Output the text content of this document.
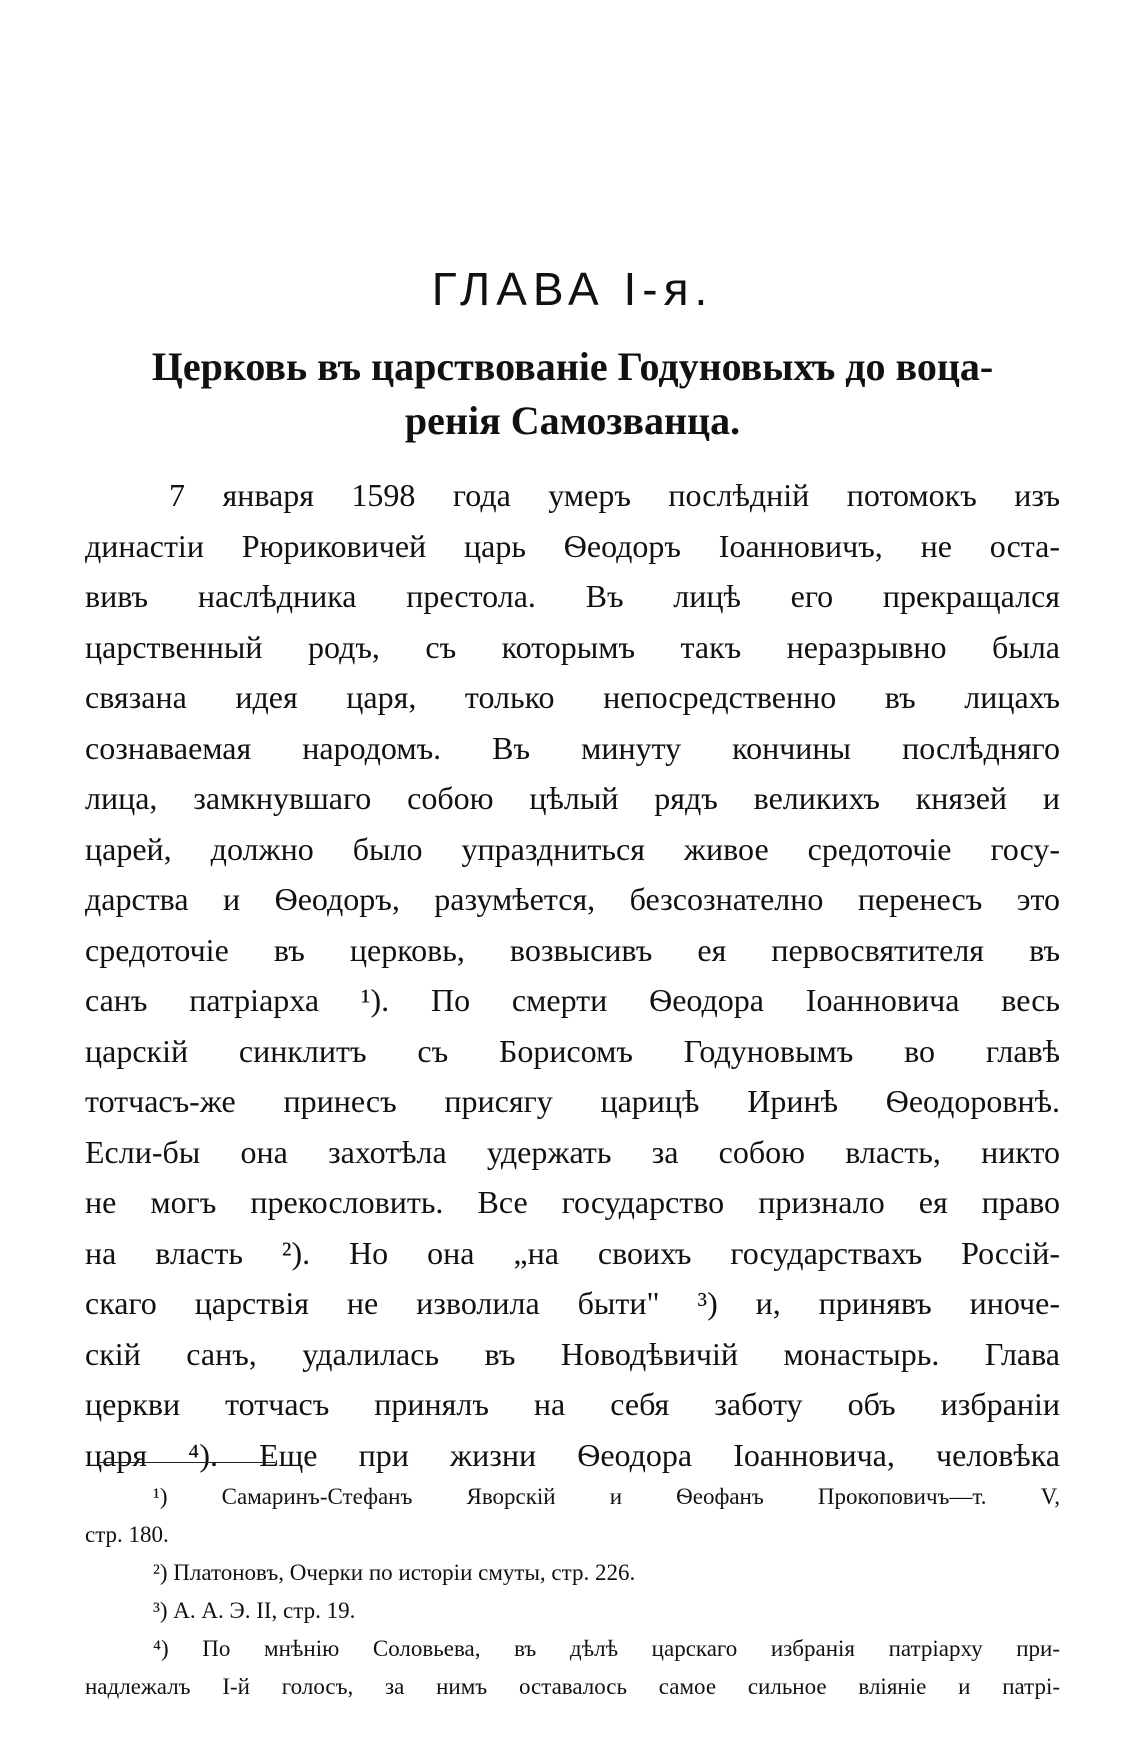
ГЛАВА I-я.
Церковь въ царствованіе Годуновыхъ до воца-
ренія Самозванца.
7 января 1598 года умеръ послѣдній потомокъ изъ
династіи Рюриковичей царь Ѳеодоръ Іоанновичъ, не оста-
вивъ наслѣдника престола. Въ лицѣ его прекращался
царственный родъ, съ которымъ такъ неразрывно была
связана идея царя, только непосредственно въ лицахъ
сознаваемая народомъ. Въ минуту кончины послѣдняго
лица, замкнувшаго собою цѣлый рядъ великихъ князей и
царей, должно было упраздниться живое средоточіе госу-
дарства и Ѳеодоръ, разумѣется, безсознателно перенесъ это
средоточіе въ церковь, возвысивъ ея первосвятителя въ
санъ патріарха ¹). По смерти Ѳеодора Іоанновича весь
царскій синклитъ съ Борисомъ Годуновымъ во главѣ
тотчасъ-же принесъ присягу царицѣ Иринѣ Ѳеодоровнѣ.
Если-бы она захотѣла удержать за собою власть, никто
не могъ прекословить. Все государство признало ея право
на власть ²). Но она „на своихъ государствахъ Россій-
скаго царствія не изволила быти" ³) и, принявъ иноче-
скій санъ, удалилась въ Новодѣвичій монастырь. Глава
церкви тотчасъ принялъ на себя заботу объ избраніи
царя ⁴). Еще при жизни Ѳеодора Іоанновича, человѣка
¹) Самаринъ-Стефанъ Яворскій и Ѳеофанъ Прокоповичъ—т. V,
стр. 180.
²) Платоновъ, Очерки по исторіи смуты, стр. 226.
³) А. А. Э. II, стр. 19.
⁴) По мнѣнію Соловьева, въ дѣлѣ царскаго избранія патріарху при-
надлежалъ І-й голосъ, за нимъ оставалось самое сильное вліяніе и патрі-
